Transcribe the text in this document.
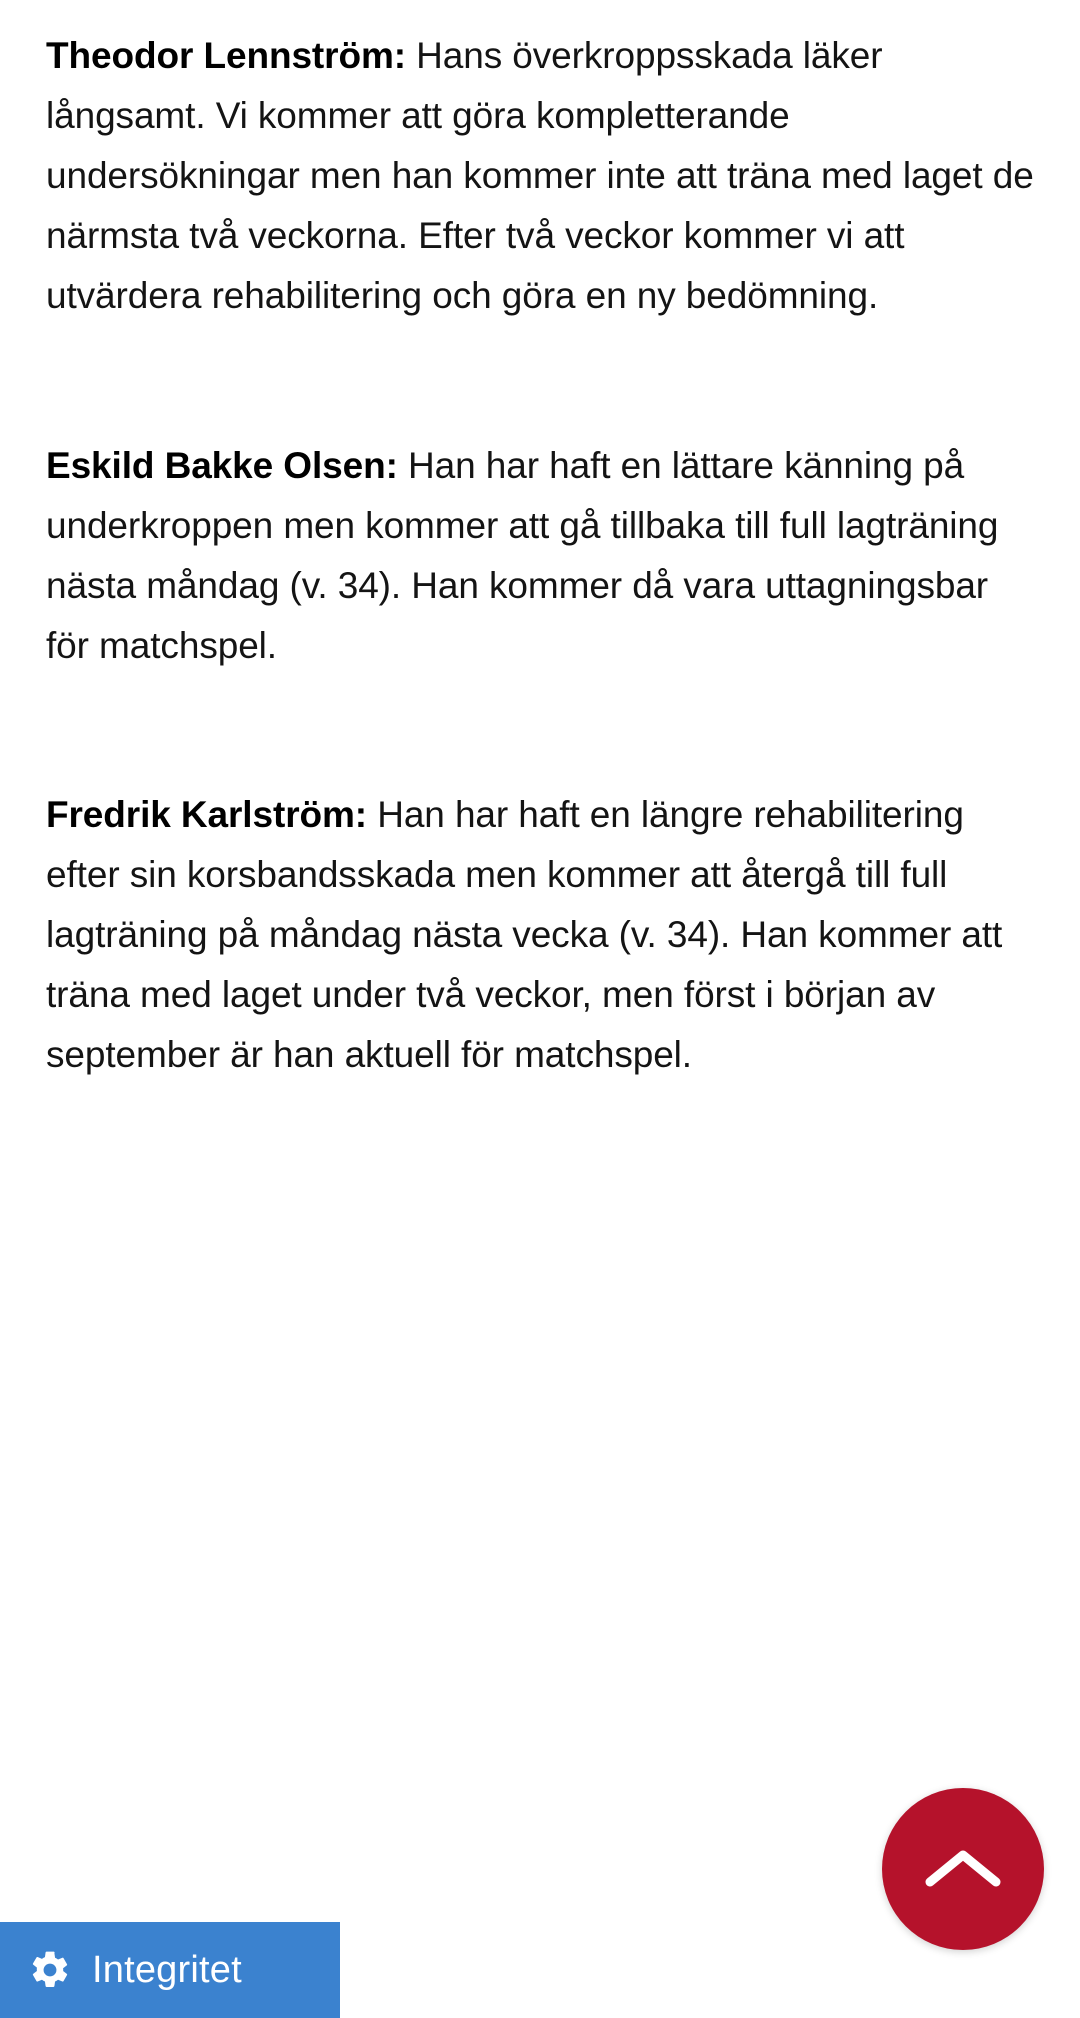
Theodor Lennström: Hans överkroppsskada läker långsamt. Vi kommer att göra kompletterande undersökningar men han kommer inte att träna med laget de närmsta två veckorna. Efter två veckor kommer vi att utvärdera rehabilitering och göra en ny bedömning.

Eskild Bakke Olsen: Han har haft en lättare känning på underkroppen men kommer att gå tillbaka till full lagträning nästa måndag (v. 34). Han kommer då vara uttagningsbar för matchspel.

Fredrik Karlström: Han har haft en längre rehabilitering efter sin korsbandsskada men kommer att återgå till full lagträning på måndag nästa vecka (v. 34). Han kommer att träna med laget under två veckor, men först i början av september är han aktuell för matchspel.

Integritet
